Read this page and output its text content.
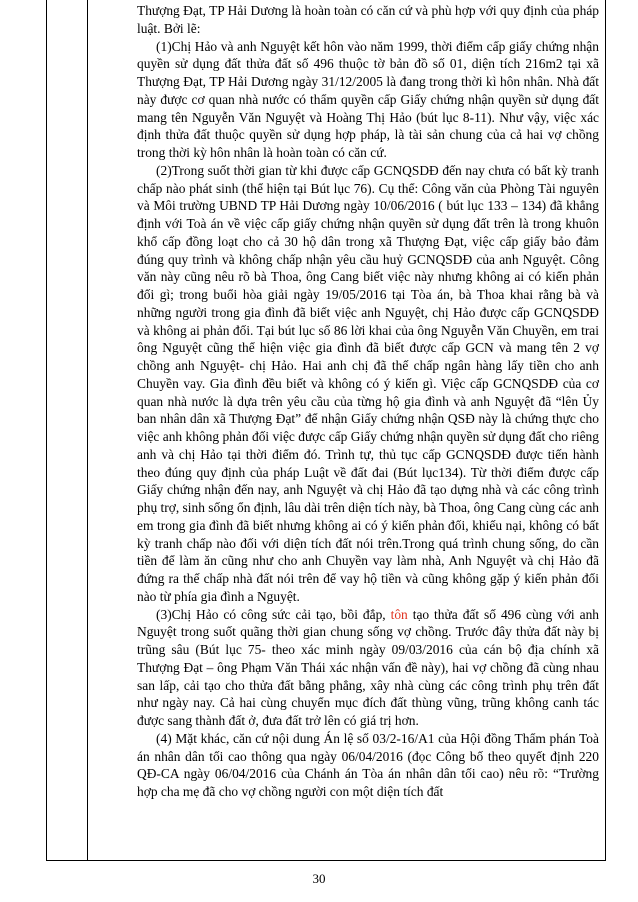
Thượng Đạt, TP Hải Dương là hoàn toàn có căn cứ và phù hợp với quy định của pháp luật. Bởi lẽ:

(1)Chị Hảo và anh Nguyệt kết hôn vào năm 1999, thời điểm cấp giấy chứng nhận quyền sử dụng đất thửa đất số 496 thuộc tờ bản đồ số 01, diện tích 216m2 tại xã Thượng Đạt, TP Hải Dương ngày 31/12/2005 là đang trong thời kì hôn nhân. Nhà đất này được cơ quan nhà nước có thẩm quyền cấp Giấy chứng nhận quyền sử dụng đất mang tên Nguyễn Văn Nguyệt và Hoàng Thị Hảo (bút lục 8-11). Như vậy, việc xác định thửa đất thuộc quyền sử dụng hợp pháp, là tài sản chung của cả hai vợ chồng trong thời kỳ hôn nhân là hoàn toàn có căn cứ.

(2)Trong suốt thời gian từ khi được cấp GCNQSDĐ đến nay chưa có bất kỳ tranh chấp nào phát sinh (thể hiện tại Bút lục 76). Cụ thể: Công văn của Phòng Tài nguyên và Môi trường UBND TP Hải Dương ngày 10/06/2016 ( bút lục 133 – 134) đã khẳng định với Toà án về việc cấp giấy chứng nhận quyền sử dụng đất trên là trong khuôn khổ cấp đồng loạt cho cả 30 hộ dân trong xã Thượng Đạt, việc cấp giấy bảo đảm đúng quy trình và không chấp nhận yêu cầu huỷ GCNQSDĐ của anh Nguyệt. Công văn này cũng nêu rõ bà Thoa, ông Cang biết việc này nhưng không ai có kiến phản đối gì; trong buổi hòa giải ngày 19/05/2016 tại Tòa án, bà Thoa khai rằng bà và những người trong gia đình đã biết việc anh Nguyệt, chị Hảo được cấp GCNQSDĐ và không ai phản đối. Tại bút lục số 86 lời khai của ông Nguyễn Văn Chuyền, em trai ông Nguyệt cũng thể hiện việc gia đình đã biết được cấp GCN và mang tên 2 vợ chồng anh Nguyệt- chị Hảo. Hai anh chị đã thế chấp ngân hàng lấy tiền cho anh Chuyền vay. Gia đình đều biết và không có ý kiến gì. Việc cấp GCNQSDĐ của cơ quan nhà nước là dựa trên yêu cầu của từng hộ gia đình và anh Nguyệt đã “lên Ủy ban nhân dân xã Thượng Đạt” để nhận Giấy chứng nhận QSĐ này là chứng thực cho việc anh không phản đối việc được cấp Giấy chứng nhận quyền sử dụng đất cho riêng anh và chị Hảo tại thời điểm đó. Trình tự, thủ tục cấp GCNQSDĐ được tiến hành theo đúng quy định của pháp Luật về đất đai (Bút lục134). Từ thời điểm được cấp Giấy chứng nhận đến nay, anh Nguyệt và chị Hảo đã tạo dựng nhà và các công trình phụ trợ, sinh sống ổn định, lâu dài trên diện tích này, bà Thoa, ông Cang cùng các anh em trong gia đình đã biết nhưng không ai có ý kiến phản đối, khiếu nại, không có bất kỳ tranh chấp nào đối với diện tích đất nói trên.Trong quá trình chung sống, do cần tiền để làm ăn cũng như cho anh Chuyền vay làm nhà, Anh Nguyệt và chị Hảo đã đứng ra thế chấp nhà đất nói trên để vay hộ tiền và cũng không gặp ý kiến phản đối nào từ phía gia đình a Nguyệt.

(3)Chị Hảo có công sức cải tạo, bồi đắp, tôn tạo thửa đất số 496 cùng với anh Nguyệt trong suốt quãng thời gian chung sống vợ chồng. Trước đây thửa đất này bị trũng sâu (Bút lục 75- theo xác minh ngày 09/03/2016 của cán bộ địa chính xã Thượng Đạt – ông Phạm Văn Thái xác nhận vấn đề này), hai vợ chồng đã cùng nhau san lấp, cải tạo cho thửa đất bằng phẳng, xây nhà cùng các công trình phụ trên đất như ngày nay. Cả hai cùng chuyển mục đích đất thùng vũng, trũng không canh tác được sang thành đất ở, đưa đất trở lên có giá trị hơn.

(4) Mặt khác, căn cứ nội dung Án lệ số 03/2-16/A1 của Hội đồng Thẩm phán Toà án nhân dân tối cao thông qua ngày 06/04/2016 (đọc Công bố theo quyết định 220 QĐ-CA ngày 06/04/2016 của Chánh án Tòa án nhân dân tối cao) nêu rõ: “Trường hợp cha mẹ đã cho vợ chồng người con một diện tích đất

30
